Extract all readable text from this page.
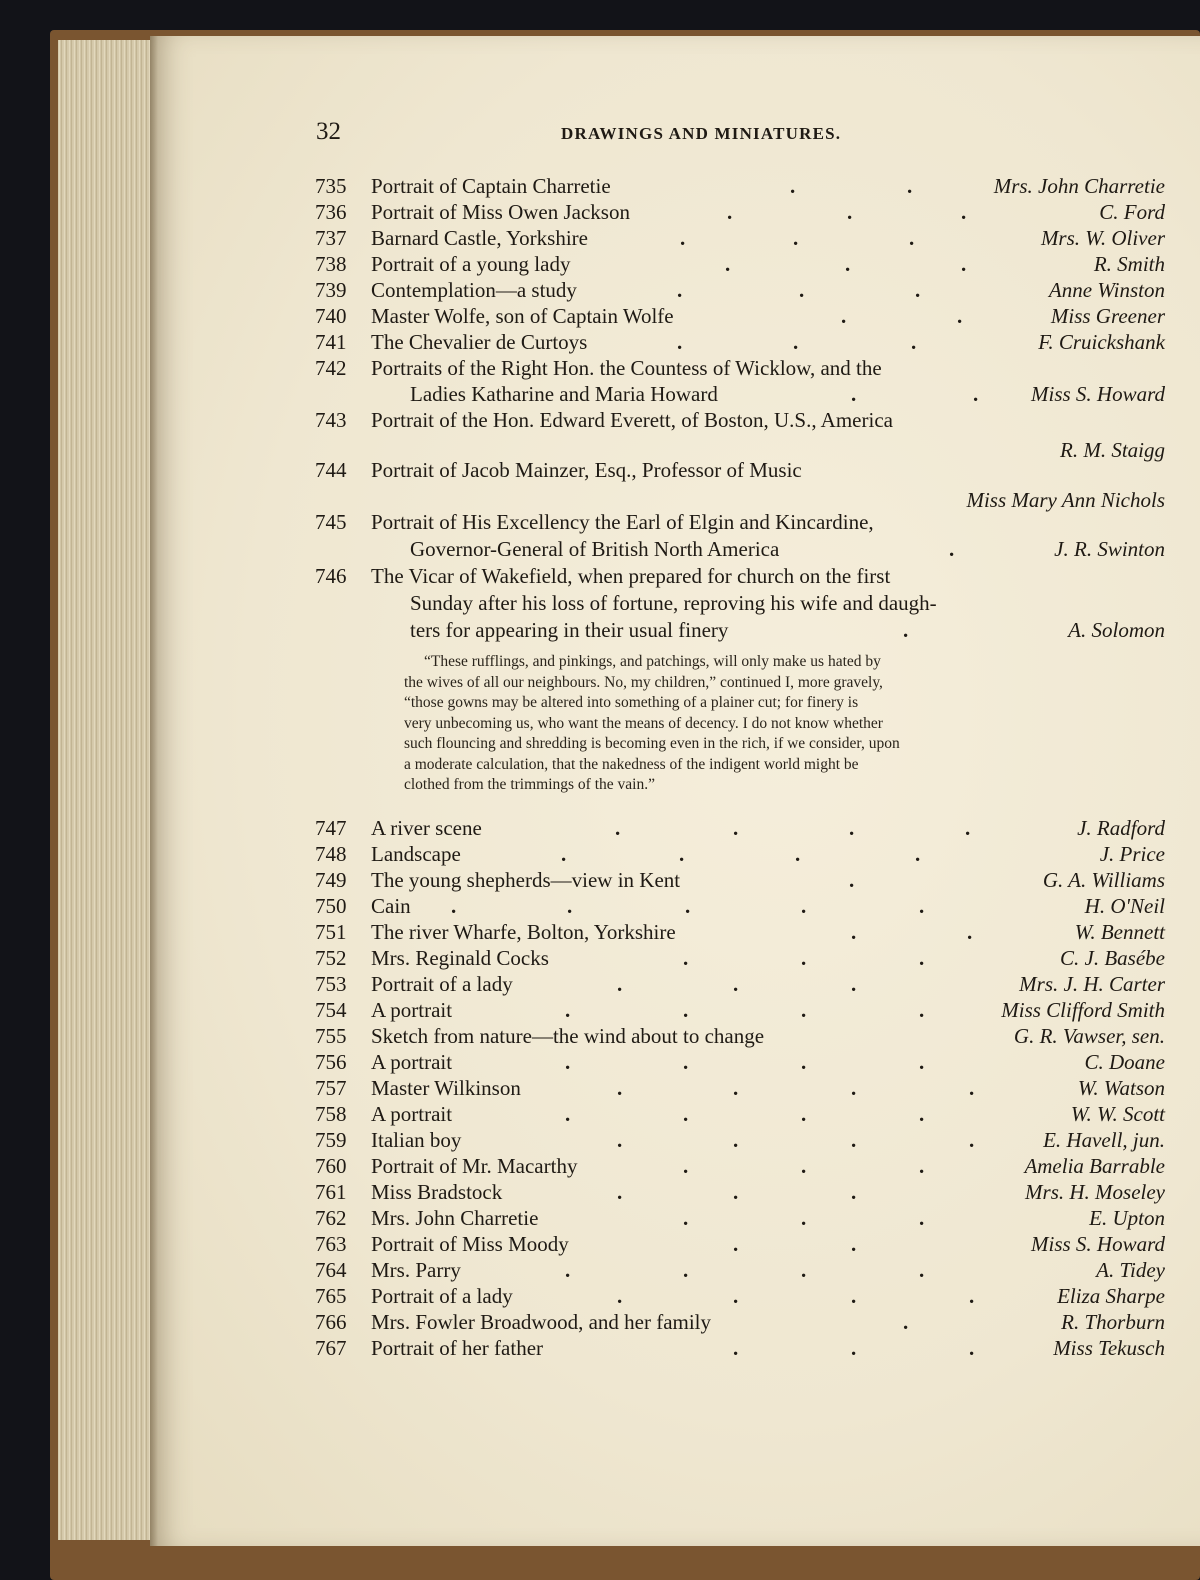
32	DRAWINGS AND MINIATURES.
735	Portrait of Captain Charretie	.	.	Mrs. John Charretie
736	Portrait of Miss Owen Jackson	.	.	.	C. Ford
737	Barnard Castle, Yorkshire	.	.	.	Mrs. W. Oliver
738	Portrait of a young lady	.	.	.	R. Smith
739	Contemplation—a study	.	.	.	Anne Winston
740	Master Wolfe, son of Captain Wolfe	.	.	Miss Greener
741	The Chevalier de Curtoys	.	.	.	F. Cruickshank
742	Portraits of the Right Hon. the Countess of Wicklow, and the
Ladies Katharine and Maria Howard	.	.	Miss S. Howard
743	Portrait of the Hon. Edward Everett, of Boston, U.S., America
R. M. Staigg
744	Portrait of Jacob Mainzer, Esq., Professor of Music
Miss Mary Ann Nichols
745	Portrait of His Excellency the Earl of Elgin and Kincardine,
Governor-General of British North America	.	J. R. Swinton
746	The Vicar of Wakefield, when prepared for church on the first
Sunday after his loss of fortune, reproving his wife and daugh-
ters for appearing in their usual finery	.	A. Solomon
“These rufflings, and pinkings, and patchings, will only make us hated by
the wives of all our neighbours. No, my children,” continued I, more gravely,
“those gowns may be altered into something of a plainer cut; for finery is
very unbecoming us, who want the means of decency. I do not know whether
such flouncing and shredding is becoming even in the rich, if we consider, upon
a moderate calculation, that the nakedness of the indigent world might be
clothed from the trimmings of the vain.”
747	A river scene	.	.	.	.	J. Radford
748	Landscape	.	.	.	.	J. Price
749	The young shepherds—view in Kent	.	G. A. Williams
750	Cain .	.	.	.	.	H. O'Neil
751	The river Wharfe, Bolton, Yorkshire	.	.	W. Bennett
752	Mrs. Reginald Cocks	.	.	.	C. J. Basébe
753	Portrait of a lady	.	.	.	Mrs. J. H. Carter
754	A portrait	.	.	.	.	Miss Clifford Smith
755	Sketch from nature—the wind about to change	G. R. Vawser, sen.
756	A portrait	.	.	.	.	C. Doane
757	Master Wilkinson	.	.	.	.	W. Watson
758	A portrait	.	.	.	.	W. W. Scott
759	Italian boy	.	.	.	.	E. Havell, jun.
760	Portrait of Mr. Macarthy	.	.	.	Amelia Barrable
761	Miss Bradstock	.	.	.	Mrs. H. Moseley
762	Mrs. John Charretie	.	.	.	E. Upton
763	Portrait of Miss Moody	.	.	Miss S. Howard
764	Mrs. Parry	.	.	.	.	A. Tidey
765	Portrait of a lady	.	.	.	.	Eliza Sharpe
766	Mrs. Fowler Broadwood, and her family	.	R. Thorburn
767	Portrait of her father	.	.	.	Miss Tekusch
